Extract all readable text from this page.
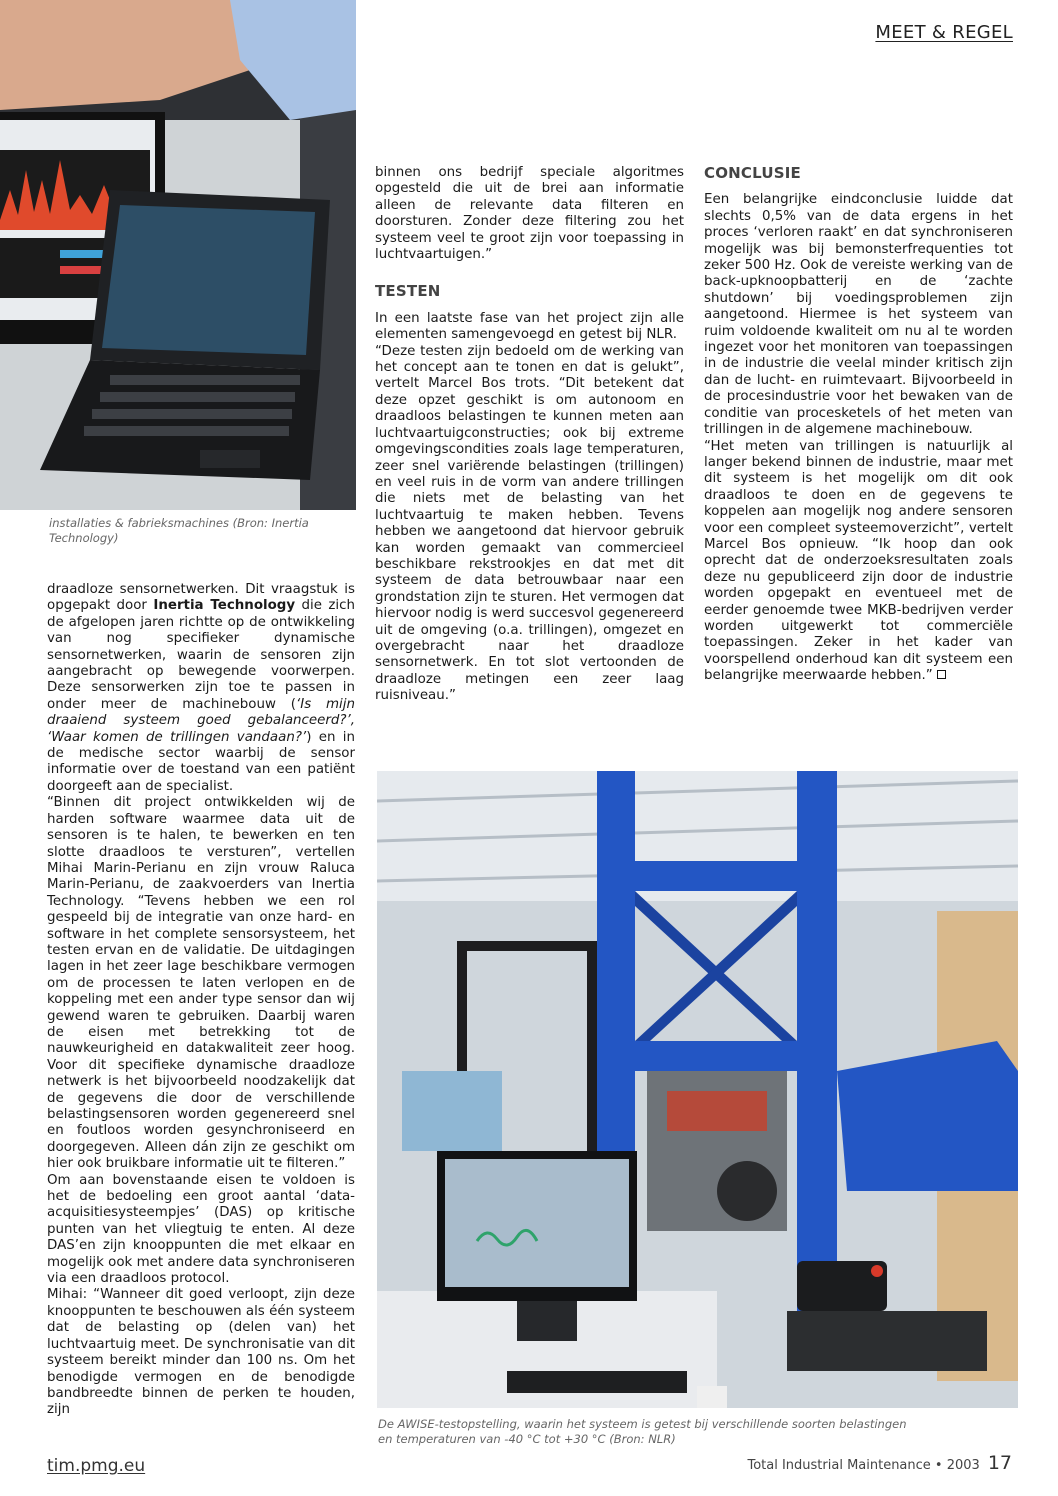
MEET & REGEL
installaties & fabrieksmachines (Bron: Inertia Technology)

draadloze sensornetwerken. Dit vraagstuk is opgepakt door Inertia Technology die zich de afgelopen jaren richtte op de ontwikkeling van nog specifieker dynamische sensornetwerken, waarin de sensoren zijn aangebracht op bewegende voorwerpen. Deze sensorwerken zijn toe te passen in onder meer de machinebouw (‘Is mijn draaiend systeem goed gebalanceerd?’, ‘Waar komen de trillingen vandaan?’) en in de medische sector waarbij de sensor informatie over de toestand van een patiënt doorgeeft aan de specialist.

“Binnen dit project ontwikkelden wij de harden software waarmee data uit de sensoren is te halen, te bewerken en ten slotte draadloos te versturen”, vertellen Mihai Marin-Perianu en zijn vrouw Raluca Marin-Perianu, de zaakvoerders van Inertia Technology. “Tevens hebben we een rol gespeeld bij de integratie van onze hard- en software in het complete sensorsysteem, het testen ervan en de validatie. De uitdagingen lagen in het zeer lage beschikbare vermogen om de processen te laten verlopen en de koppeling met een ander type sensor dan wij gewend waren te gebruiken. Daarbij waren de eisen met betrekking tot de nauwkeurigheid en datakwaliteit zeer hoog. Voor dit specifieke dynamische draadloze netwerk is het bijvoorbeeld noodzakelijk dat de gegevens die door de verschillende belastingsensoren worden gegenereerd snel en foutloos worden gesynchroniseerd en doorgegeven. Alleen dán zijn ze geschikt om hier ook bruikbare informatie uit te filteren.”

Om aan bovenstaande eisen te voldoen is het de bedoeling een groot aantal ‘data-acquisitiesysteempjes’ (DAS) op kritische punten van het vliegtuig te enten. Al deze DAS’en zijn knooppunten die met elkaar en mogelijk ook met andere data synchroniseren via een draadloos protocol.

Mihai: “Wanneer dit goed verloopt, zijn deze knooppunten te beschouwen als één systeem dat de belasting op (delen van) het luchtvaartuig meet. De synchronisatie van dit systeem bereikt minder dan 100 ns. Om het benodigde vermogen en de benodigde bandbreedte binnen de perken te houden, zijn

binnen ons bedrijf speciale algoritmes opgesteld die uit de brei aan informatie alleen de relevante data filteren en doorsturen. Zonder deze filtering zou het systeem veel te groot zijn voor toepassing in luchtvaartuigen.”

TESTEN

In een laatste fase van het project zijn alle elementen samengevoegd en getest bij NLR.

“Deze testen zijn bedoeld om de werking van het concept aan te tonen en dat is gelukt”, vertelt Marcel Bos trots. “Dit betekent dat deze opzet geschikt is om autonoom en draadloos belastingen te kunnen meten aan luchtvaartuigconstructies; ook bij extreme omgevingscondities zoals lage temperaturen, zeer snel variërende belastingen (trillingen) en veel ruis in de vorm van andere trillingen die niets met de belasting van het luchtvaartuig te maken hebben. Tevens hebben we aangetoond dat hiervoor gebruik kan worden gemaakt van commercieel beschikbare rekstrookjes en dat met dit systeem de data betrouwbaar naar een grondstation zijn te sturen. Het vermogen dat hiervoor nodig is werd succesvol gegenereerd uit de omgeving (o.a. trillingen), omgezet en overgebracht naar het draadloze sensornetwerk. En tot slot vertoonden de draadloze metingen een zeer laag ruisniveau.”

CONCLUSIE

Een belangrijke eindconclusie luidde dat slechts 0,5% van de data ergens in het proces ‘verloren raakt’ en dat synchroniseren mogelijk was bij bemonsterfrequenties tot zeker 500 Hz. Ook de vereiste werking van de back-upknoopbatterij en de ‘zachte shutdown’ bij voedingsproblemen zijn aangetoond. Hiermee is het systeem van ruim voldoende kwaliteit om nu al te worden ingezet voor het monitoren van toepassingen in de industrie die veelal minder kritisch zijn dan de lucht- en ruimtevaart. Bijvoorbeeld in de procesindustrie voor het bewaken van de conditie van procesketels of het meten van trillingen in de algemene machinebouw.

“Het meten van trillingen is natuurlijk al langer bekend binnen de industrie, maar met dit systeem is het mogelijk om dit ook draadloos te doen en de gegevens te koppelen aan mogelijk nog andere sensoren voor een compleet systeemoverzicht”, vertelt Marcel Bos opnieuw. “Ik hoop dan ook oprecht dat de onderzoeksresultaten zoals deze nu gepubliceerd zijn door de industrie worden opgepakt en eventueel met de eerder genoemde twee MKB-bedrijven verder worden uitgewerkt tot commerciële toepassingen. Zeker in het kader van voorspellend onderhoud kan dit systeem een belangrijke meerwaarde hebben.”

De AWISE-testopstelling, waarin het systeem is getest bij verschillende soorten belastingen
en temperaturen van -40 °C tot +30 °C (Bron: NLR)
tim.pmg.eu	Total Industrial Maintenance • 2003 17
